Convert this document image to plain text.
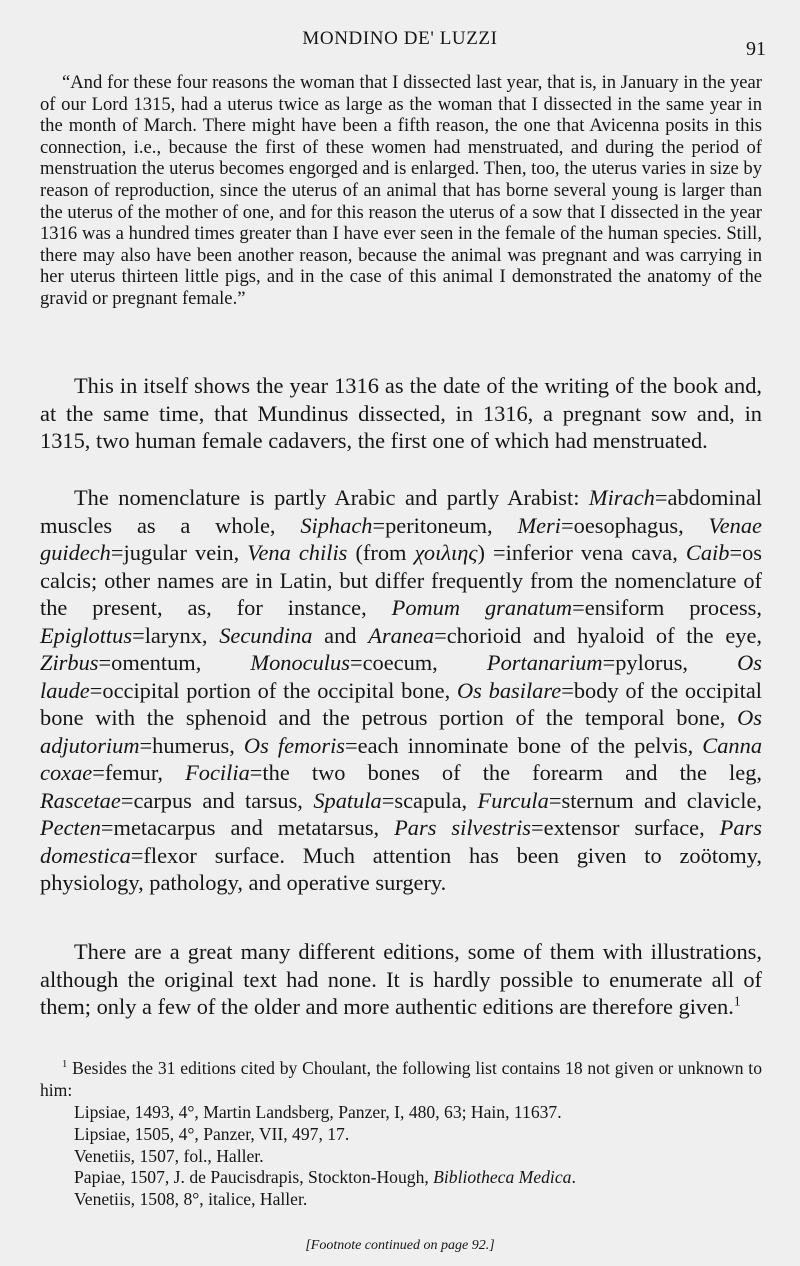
MONDINO DE' LUZZI	91

“And for these four reasons the woman that I dissected last year, that is, in January in the year of our Lord 1315, had a uterus twice as large as the woman that I dissected in the same year in the month of March. There might have been a fifth reason, the one that Avicenna posits in this connection, i.e., because the first of these women had menstruated, and during the period of menstruation the uterus becomes engorged and is enlarged. Then, too, the uterus varies in size by reason of reproduction, since the uterus of an animal that has borne several young is larger than the uterus of the mother of one, and for this reason the uterus of a sow that I dissected in the year 1316 was a hundred times greater than I have ever seen in the female of the human species. Still, there may also have been another reason, because the animal was pregnant and was carrying in her uterus thirteen little pigs, and in the case of this animal I demonstrated the anatomy of the gravid or pregnant female.”

This in itself shows the year 1316 as the date of the writing of the book and, at the same time, that Mundinus dissected, in 1316, a pregnant sow and, in 1315, two human female cadavers, the first one of which had menstruated.

The nomenclature is partly Arabic and partly Arabist: Mirach=abdominal muscles as a whole, Siphach=peritoneum, Meri=oesophagus, Venae guidech=jugular vein, Vena chilis (from χοιλιης) =inferior vena cava, Caib=os calcis; other names are in Latin, but differ frequently from the nomenclature of the present, as, for instance, Pomum granatum=ensiform process, Epiglottus=larynx, Secundina and Aranea=chorioid and hyaloid of the eye, Zirbus=omentum, Monoculus=coecum, Portanarium=pylorus, Os laude=occipital portion of the occipital bone, Os basilare=body of the occipital bone with the sphenoid and the petrous portion of the temporal bone, Os adjutorium=humerus, Os femoris=each innominate bone of the pelvis, Canna coxae=femur, Focilia=the two bones of the forearm and the leg, Rascetae=carpus and tarsus, Spatula=scapula, Furcula=sternum and clavicle, Pecten=metacarpus and metatarsus, Pars silvestris=extensor surface, Pars domestica=flexor surface. Much attention has been given to zoötomy, physiology, pathology, and operative surgery.

There are a great many different editions, some of them with illustrations, although the original text had none. It is hardly possible to enumerate all of them; only a few of the older and more authentic editions are therefore given.$^1$

$^1$ Besides the 31 editions cited by Choulant, the following list contains 18 not given or unknown to him:

Lipsiae, 1493, 4°, Martin Landsberg, Panzer, I, 480, 63; Hain, 11637.
Lipsiae, 1505, 4°, Panzer, VII, 497, 17.
Venetiis, 1507, fol., Haller.
Papiae, 1507, J. de Paucisdrapis, Stockton-Hough, Bibliotheca Medica.
Venetiis, 1508, 8°, italice, Haller.
[Footnote continued on page 92.]
